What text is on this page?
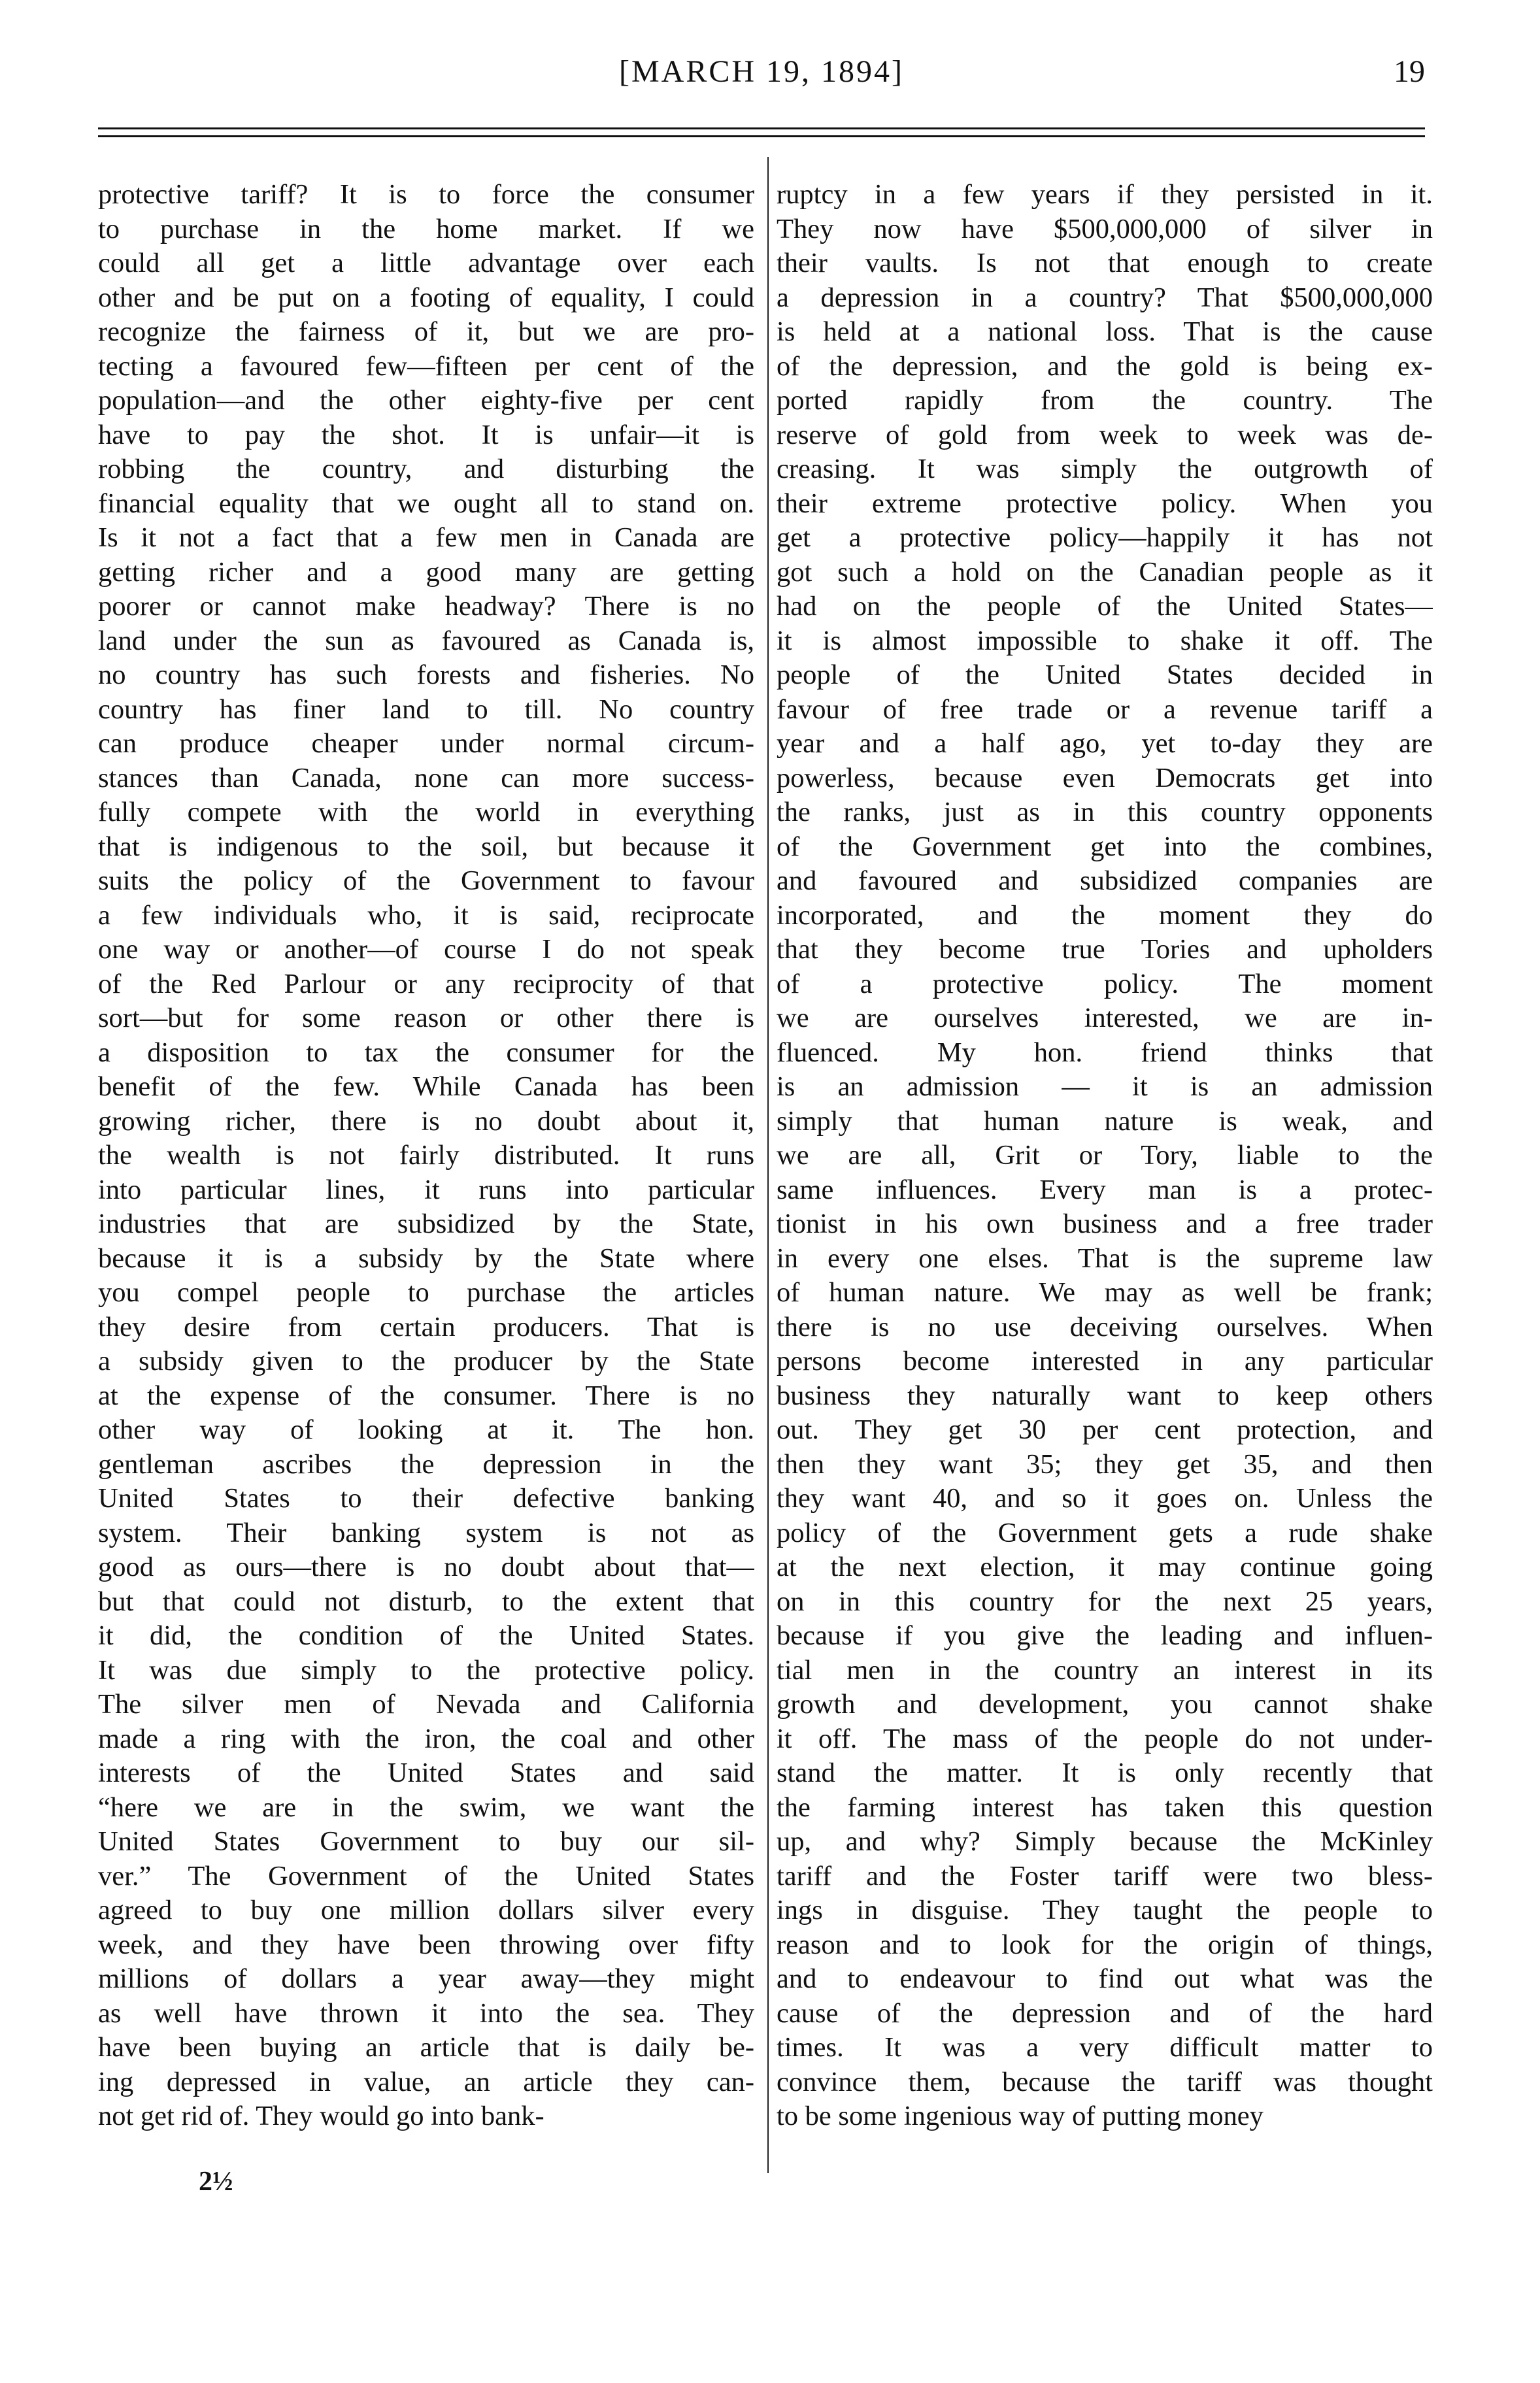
[MARCH 19, 1894]	19
protective tariff? It is to force the consumer
to purchase in the home market. If we
could all get a little advantage over each
other and be put on a footing of equality, I could
recognize the fairness of it, but we are pro-
tecting a favoured few—fifteen per cent of the
population—and the other eighty-five per cent
have to pay the shot. It is unfair—it is
robbing the country, and disturbing the
financial equality that we ought all to stand on.
Is it not a fact that a few men in Canada are
getting richer and a good many are getting
poorer or cannot make headway? There is no
land under the sun as favoured as Canada is,
no country has such forests and fisheries. No
country has finer land to till. No country
can produce cheaper under normal circum-
stances than Canada, none can more success-
fully compete with the world in everything
that is indigenous to the soil, but because it
suits the policy of the Government to favour
a few individuals who, it is said, reciprocate
one way or another—of course I do not speak
of the Red Parlour or any reciprocity of that
sort—but for some reason or other there is
a disposition to tax the consumer for the
benefit of the few. While Canada has been
growing richer, there is no doubt about it,
the wealth is not fairly distributed. It runs
into particular lines, it runs into particular
industries that are subsidized by the State,
because it is a subsidy by the State where
you compel people to purchase the articles
they desire from certain producers. That is
a subsidy given to the producer by the State
at the expense of the consumer. There is no
other way of looking at it. The hon.
gentleman ascribes the depression in the
United States to their defective banking
system. Their banking system is not as
good as ours—there is no doubt about that—
but that could not disturb, to the extent that
it did, the condition of the United States.
It was due simply to the protective policy.
The silver men of Nevada and California
made a ring with the iron, the coal and other
interests of the United States and said
“here we are in the swim, we want the
United States Government to buy our sil-
ver.” The Government of the United States
agreed to buy one million dollars silver every
week, and they have been throwing over fifty
millions of dollars a year away—they might
as well have thrown it into the sea. They
have been buying an article that is daily be-
ing depressed in value, an article they can-
not get rid of. They would go into bank-
ruptcy in a few years if they persisted in it.
They now have $500,000,000 of silver in
their vaults. Is not that enough to create
a depression in a country? That $500,000,000
is held at a national loss. That is the cause
of the depression, and the gold is being ex-
ported rapidly from the country. The
reserve of gold from week to week was de-
creasing. It was simply the outgrowth of
their extreme protective policy. When you
get a protective policy—happily it has not
got such a hold on the Canadian people as it
had on the people of the United States—
it is almost impossible to shake it off. The
people of the United States decided in
favour of free trade or a revenue tariff a
year and a half ago, yet to-day they are
powerless, because even Democrats get into
the ranks, just as in this country opponents
of the Government get into the combines,
and favoured and subsidized companies are
incorporated, and the moment they do
that they become true Tories and upholders
of a protective policy. The moment
we are ourselves interested, we are in-
fluenced. My hon. friend thinks that
is an admission — it is an admission
simply that human nature is weak, and
we are all, Grit or Tory, liable to the
same influences. Every man is a protec-
tionist in his own business and a free trader
in every one elses. That is the supreme law
of human nature. We may as well be frank;
there is no use deceiving ourselves. When
persons become interested in any particular
business they naturally want to keep others
out. They get 30 per cent protection, and
then they want 35; they get 35, and then
they want 40, and so it goes on. Unless the
policy of the Government gets a rude shake
at the next election, it may continue going
on in this country for the next 25 years,
because if you give the leading and influen-
tial men in the country an interest in its
growth and development, you cannot shake
it off. The mass of the people do not under-
stand the matter. It is only recently that
the farming interest has taken this question
up, and why? Simply because the McKinley
tariff and the Foster tariff were two bless-
ings in disguise. They taught the people to
reason and to look for the origin of things,
and to endeavour to find out what was the
cause of the depression and of the hard
times. It was a very difficult matter to
convince them, because the tariff was thought
to be some ingenious way of putting money
2½
